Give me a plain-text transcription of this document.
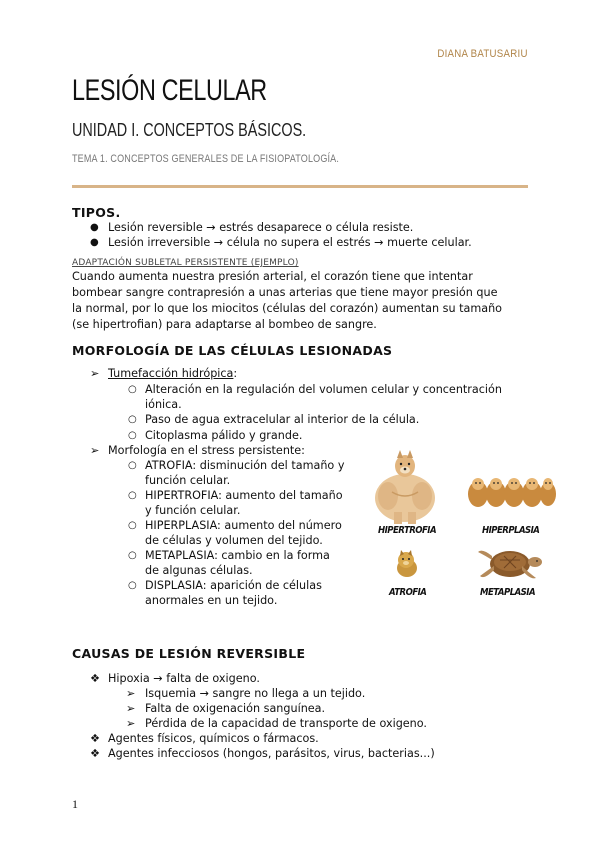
DIANA BATUSARIU
LESIÓN CELULAR
UNIDAD I. CONCEPTOS BÁSICOS.
TEMA 1. CONCEPTOS GENERALES DE LA FISIOPATOLOGÍA.
TIPOS.
● Lesión reversible → estrés desaparece o célula resiste.
● Lesión irreversible → célula no supera el estrés → muerte celular.
ADAPTACIÓN SUBLETAL PERSISTENTE (EJEMPLO)
Cuando aumenta nuestra presión arterial, el corazón tiene que intentar
bombear sangre contrapresión a unas arterias que tiene mayor presión que
la normal, por lo que los miocitos (células del corazón) aumentan su tamaño
(se hipertrofian) para adaptarse al bombeo de sangre.
MORFOLOGÍA DE LAS CÉLULAS LESIONADAS
➢ Tumefacción hidrópica:
○ Alteración en la regulación del volumen celular y concentración
iónica.
○ Paso de agua extracelular al interior de la célula.
○ Citoplasma pálido y grande.
➢ Morfología en el stress persistente:
○ ATROFIA: disminución del tamaño y
función celular.
○ HIPERTROFIA: aumento del tamaño
y función celular.
○ HIPERPLASIA: aumento del número
de células y volumen del tejido.
○ METAPLASIA: cambio en la forma
de algunas células.
○ DISPLASIA: aparición de células
anormales en un tejido.
HIPERTROFIA	HIPERPLASIA
ATROFIA	METAPLASIA
CAUSAS DE LESIÓN REVERSIBLE
❖ Hipoxia → falta de oxigeno.
➢ Isquemia → sangre no llega a un tejido.
➢ Falta de oxigenación sanguínea.
➢ Pérdida de la capacidad de transporte de oxigeno.
❖ Agentes físicos, químicos o fármacos.
❖ Agentes infecciosos (hongos, parásitos, virus, bacterias...)
1
